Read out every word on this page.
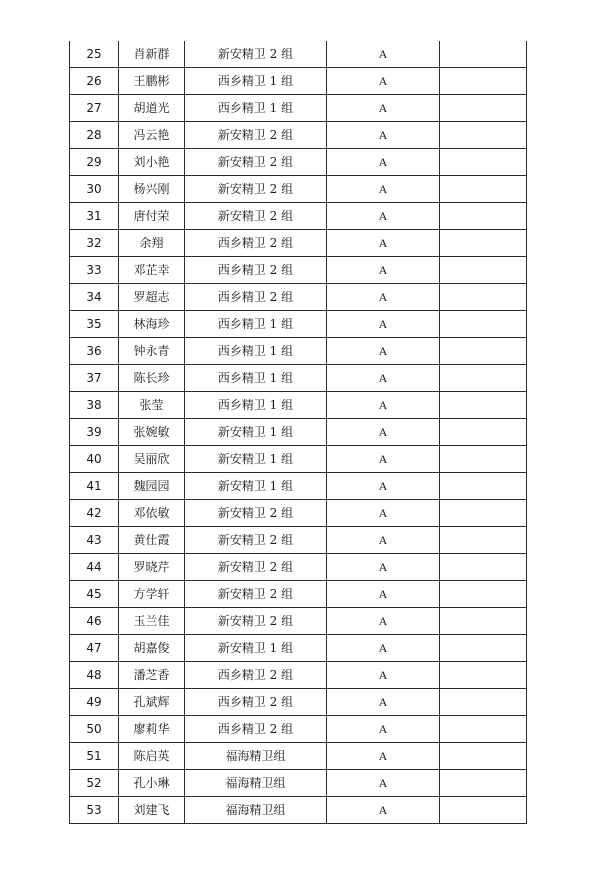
25	肖新群	新安精卫 2 组	A	
26	王鹏彬	西乡精卫 1 组	A	
27	胡道光	西乡精卫 1 组	A	
28	冯云艳	新安精卫 2 组	A	
29	刘小艳	新安精卫 2 组	A	
30	杨兴刚	新安精卫 2 组	A	
31	唐付荣	新安精卫 2 组	A	
32	余翔	西乡精卫 2 组	A	
33	邓芷幸	西乡精卫 2 组	A	
34	罗超志	西乡精卫 2 组	A	
35	林海珍	西乡精卫 1 组	A	
36	钟永青	西乡精卫 1 组	A	
37	陈长珍	西乡精卫 1 组	A	
38	张莹	西乡精卫 1 组	A	
39	张婉敏	新安精卫 1 组	A	
40	吴丽欣	新安精卫 1 组	A	
41	魏园园	新安精卫 1 组	A	
42	邓依敏	新安精卫 2 组	A	
43	黄仕霞	新安精卫 2 组	A	
44	罗晓芹	新安精卫 2 组	A	
45	方学轩	新安精卫 2 组	A	
46	玉兰佳	新安精卫 2 组	A	
47	胡嘉俊	新安精卫 1 组	A	
48	潘芝香	西乡精卫 2 组	A	
49	孔斌辉	西乡精卫 2 组	A	
50	廖莉华	西乡精卫 2 组	A	
51	陈启英	福海精卫组	A	
52	孔小琳	福海精卫组	A	
53	刘建飞	福海精卫组	A	
